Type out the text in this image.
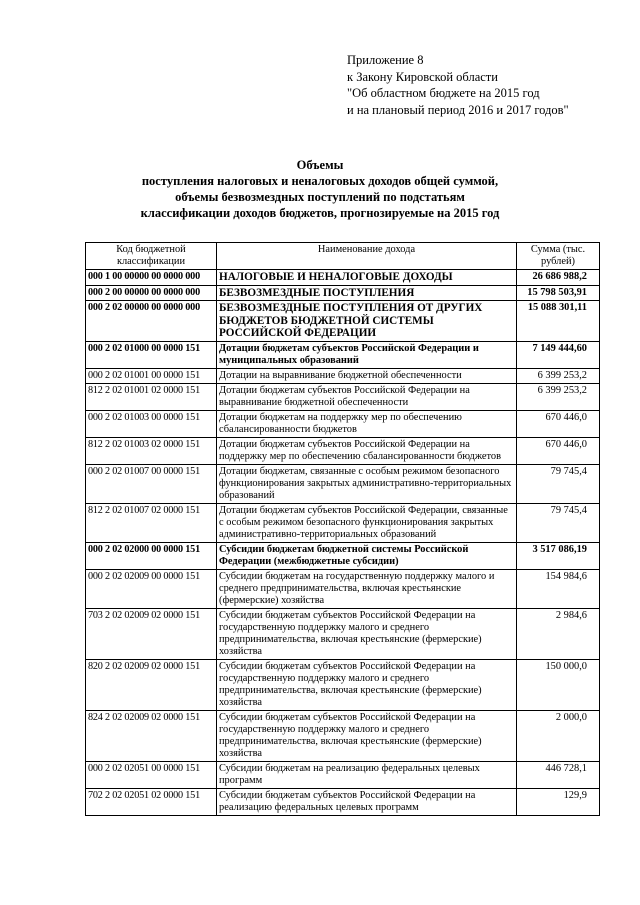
Приложение 8
к Закону Кировской области
"Об областном бюджете на 2015 год
и на плановый период 2016 и 2017 годов"
Объемы
поступления налоговых и неналоговых доходов общей суммой,
объемы безвозмездных поступлений по подстатьям
классификации доходов бюджетов, прогнозируемые на 2015 год
Код бюджетной классификации	Наименование дохода	Сумма (тыс. рублей)
000 1 00 00000 00 0000 000	НАЛОГОВЫЕ И НЕНАЛОГОВЫЕ ДОХОДЫ	26 686 988,2
000 2 00 00000 00 0000 000	БЕЗВОЗМЕЗДНЫЕ ПОСТУПЛЕНИЯ	15 798 503,91
000 2 02 00000 00 0000 000	БЕЗВОЗМЕЗДНЫЕ ПОСТУПЛЕНИЯ ОТ ДРУГИХ БЮДЖЕТОВ БЮДЖЕТНОЙ СИСТЕМЫ РОССИЙСКОЙ ФЕДЕРАЦИИ	15 088 301,11
000 2 02 01000 00 0000 151	Дотации бюджетам субъектов Российской Федерации и муниципальных образований	7 149 444,60
000 2 02 01001 00 0000 151	Дотации на выравнивание бюджетной обеспеченности	6 399 253,2
812 2 02 01001 02 0000 151	Дотации бюджетам субъектов Российской Федерации на выравнивание бюджетной обеспеченности	6 399 253,2
000 2 02 01003 00 0000 151	Дотации бюджетам на поддержку мер по обеспечению сбалансированности бюджетов	670 446,0
812 2 02 01003 02 0000 151	Дотации бюджетам субъектов Российской Федерации на поддержку мер по обеспечению сбалансированности бюджетов	670 446,0
000 2 02 01007 00 0000 151	Дотации бюджетам, связанные с особым режимом безопасного функционирования закрытых административно-территориальных образований	79 745,4
812 2 02 01007 02 0000 151	Дотации бюджетам субъектов Российской Федерации, связанные с особым режимом безопасного функционирования закрытых административно-территориальных образований	79 745,4
000 2 02 02000 00 0000 151	Субсидии бюджетам бюджетной системы Российской Федерации (межбюджетные субсидии)	3 517 086,19
000 2 02 02009 00 0000 151	Субсидии бюджетам на государственную поддержку малого и среднего предпринимательства, включая крестьянские (фермерские) хозяйства	154 984,6
703 2 02 02009 02 0000 151	Субсидии бюджетам субъектов Российской Федерации на государственную поддержку малого и среднего предпринимательства, включая крестьянские (фермерские) хозяйства	2 984,6
820 2 02 02009 02 0000 151	Субсидии бюджетам субъектов Российской Федерации на государственную поддержку малого и среднего предпринимательства, включая крестьянские (фермерские) хозяйства	150 000,0
824 2 02 02009 02 0000 151	Субсидии бюджетам субъектов Российской Федерации на государственную поддержку малого и среднего предпринимательства, включая крестьянские (фермерские) хозяйства	2 000,0
000 2 02 02051 00 0000 151	Субсидии бюджетам на реализацию федеральных целевых программ	446 728,1
702 2 02 02051 02 0000 151	Субсидии бюджетам субъектов Российской Федерации на реализацию федеральных целевых программ	129,9
